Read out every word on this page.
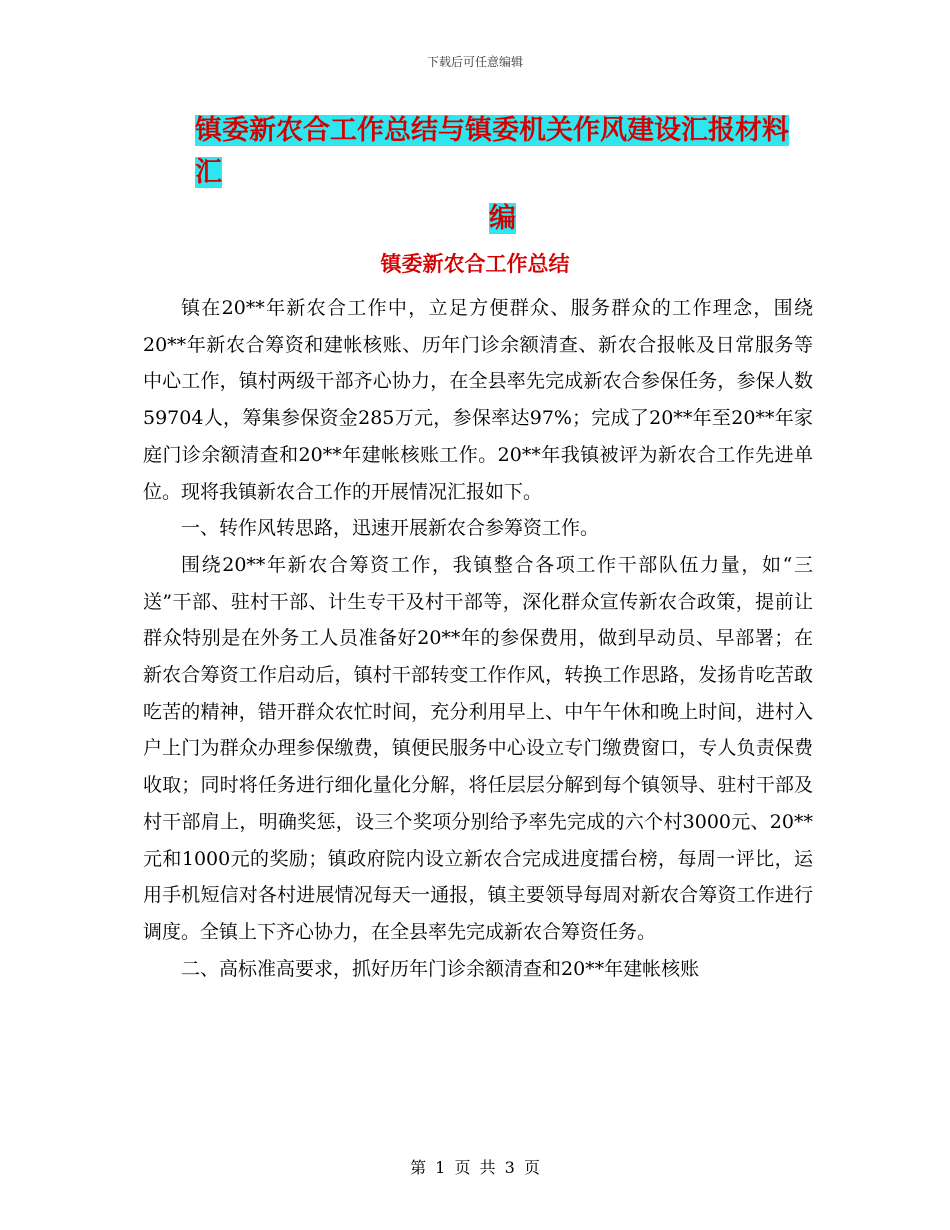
下载后可任意编辑
镇委新农合工作总结与镇委机关作风建设汇报材料汇
编
镇委新农合工作总结

镇在20**年新农合工作中，立足方便群众、服务群众的工作理念，围绕20**年新农合筹资和建帐核账、历年门诊余额清查、新农合报帐及日常服务等中心工作，镇村两级干部齐心协力，在全县率先完成新农合参保任务，参保人数59704人，筹集参保资金285万元，参保率达97%；完成了20**年至20**年家庭门诊余额清查和20**年建帐核账工作。20**年我镇被评为新农合工作先进单位。现将我镇新农合工作的开展情况汇报如下。

一、转作风转思路，迅速开展新农合参筹资工作。

围绕20**年新农合筹资工作，我镇整合各项工作干部队伍力量，如“三送”干部、驻村干部、计生专干及村干部等，深化群众宣传新农合政策，提前让群众特别是在外务工人员准备好20**年的参保费用，做到早动员、早部署；在新农合筹资工作启动后，镇村干部转变工作作风，转换工作思路，发扬肯吃苦敢吃苦的精神，错开群众农忙时间，充分利用早上、中午午休和晚上时间，进村入户上门为群众办理参保缴费，镇便民服务中心设立专门缴费窗口，专人负责保费收取；同时将任务进行细化量化分解，将任层层分解到每个镇领导、驻村干部及村干部肩上，明确奖惩，设三个奖项分别给予率先完成的六个村3000元、20**元和1000元的奖励；镇政府院内设立新农合完成进度擂台榜，每周一评比，运用手机短信对各村进展情况每天一通报，镇主要领导每周对新农合筹资工作进行调度。全镇上下齐心协力，在全县率先完成新农合筹资任务。

二、高标准高要求，抓好历年门诊余额清查和20**年建帐核账

第 1 页 共 3 页
